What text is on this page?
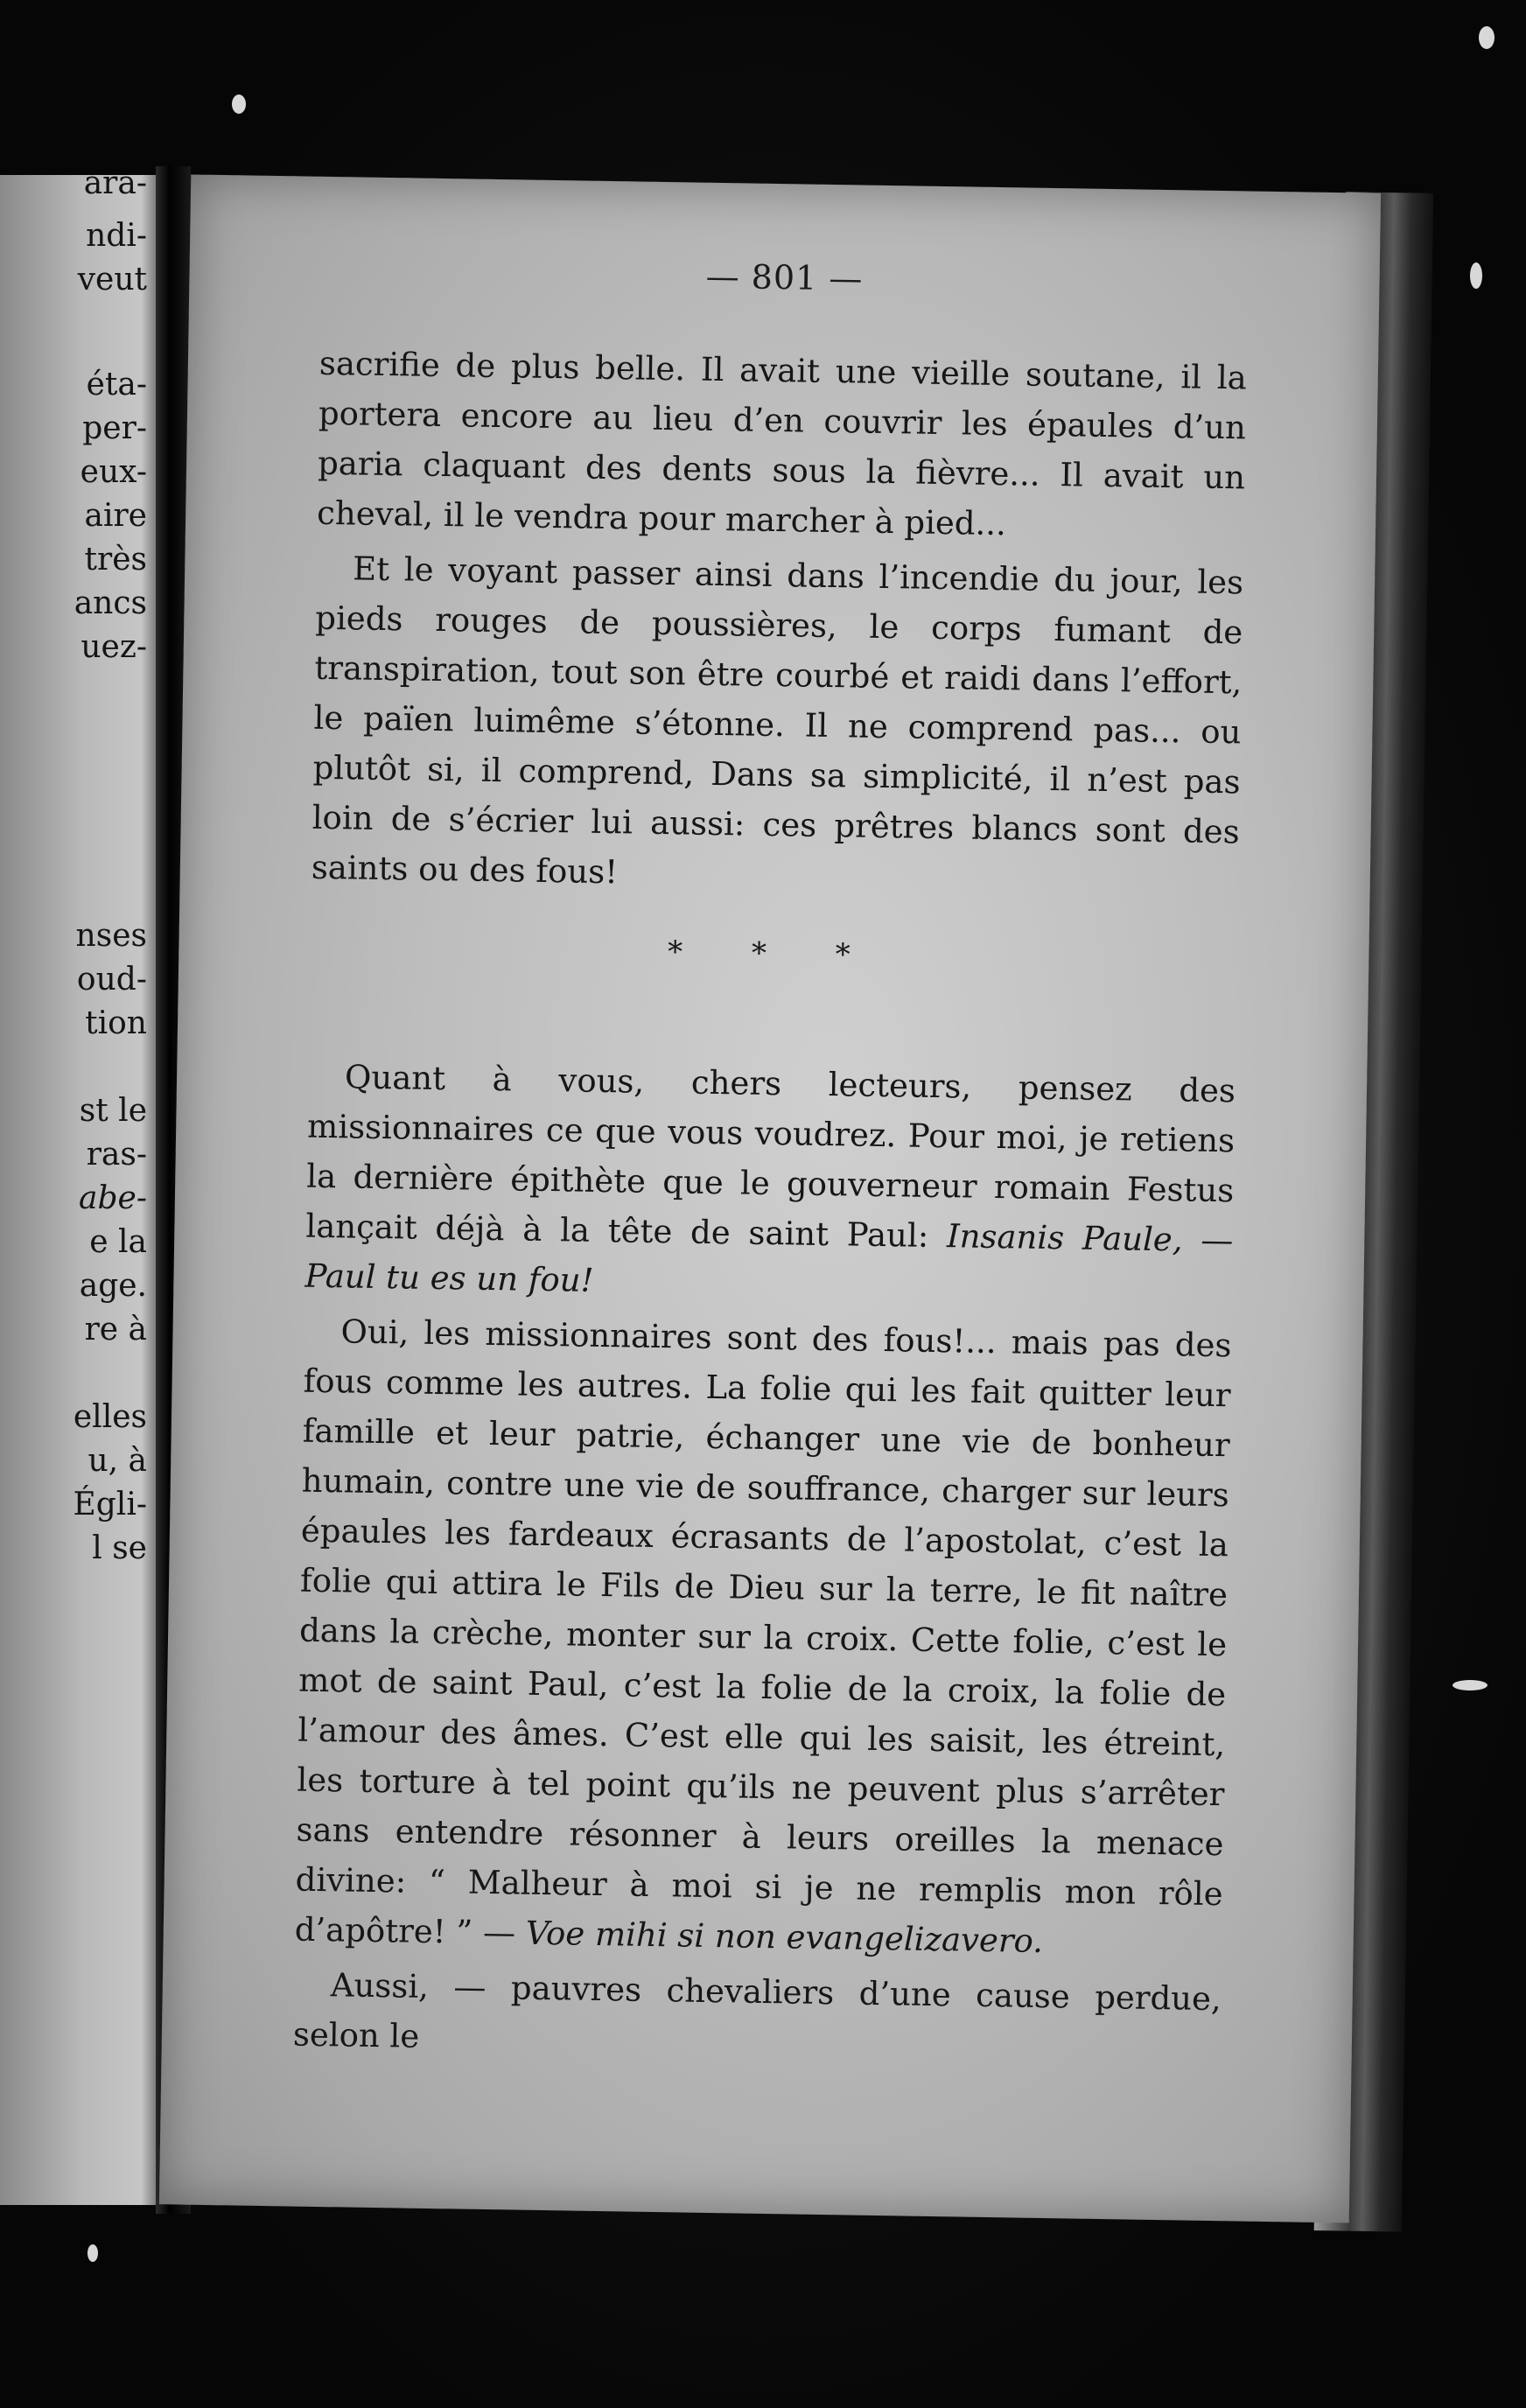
ara-
ndi-
veut
éta-
per-
eux-
aire
très
ancs
uez-
nses
oud-
tion
st le
ras-
abe-
e la
age.
re à
elles
u, à
Égli-
l se
— 801 —

sacrifie de plus belle. Il avait une vieille soutane, il la portera encore au lieu d’en couvrir les épaules d’un paria claquant des dents sous la fièvre... Il avait un cheval, il le vendra pour marcher à pied...

Et le voyant passer ainsi dans l’incendie du jour, les pieds rouges de poussières, le corps fumant de transpiration, tout son être courbé et raidi dans l’effort, le païen luimême s’étonne. Il ne comprend pas... ou plutôt si, il comprend, Dans sa simplicité, il n’est pas loin de s’écrier lui aussi: ces prêtres blancs sont des saints ou des fous!

* * *

Quant à vous, chers lecteurs, pensez des missionnaires ce que vous voudrez. Pour moi, je retiens la dernière épithète que le gouverneur romain Festus lançait déjà à la tête de saint Paul: Insanis Paule, — Paul tu es un fou!

Oui, les missionnaires sont des fous!... mais pas des fous comme les autres. La folie qui les fait quitter leur famille et leur patrie, échanger une vie de bonheur humain, contre une vie de souffrance, charger sur leurs épaules les fardeaux écrasants de l’apostolat, c’est la folie qui attira le Fils de Dieu sur la terre, le fit naître dans la crèche, monter sur la croix. Cette folie, c’est le mot de saint Paul, c’est la folie de la croix, la folie de l’amour des âmes. C’est elle qui les saisit, les étreint, les torture à tel point qu’ils ne peuvent plus s’arrêter sans entendre résonner à leurs oreilles la menace divine: “ Malheur à moi si je ne remplis mon rôle d’apôtre! ” — Voe mihi si non evangelizavero.

Aussi, — pauvres chevaliers d’une cause perdue, selon le
